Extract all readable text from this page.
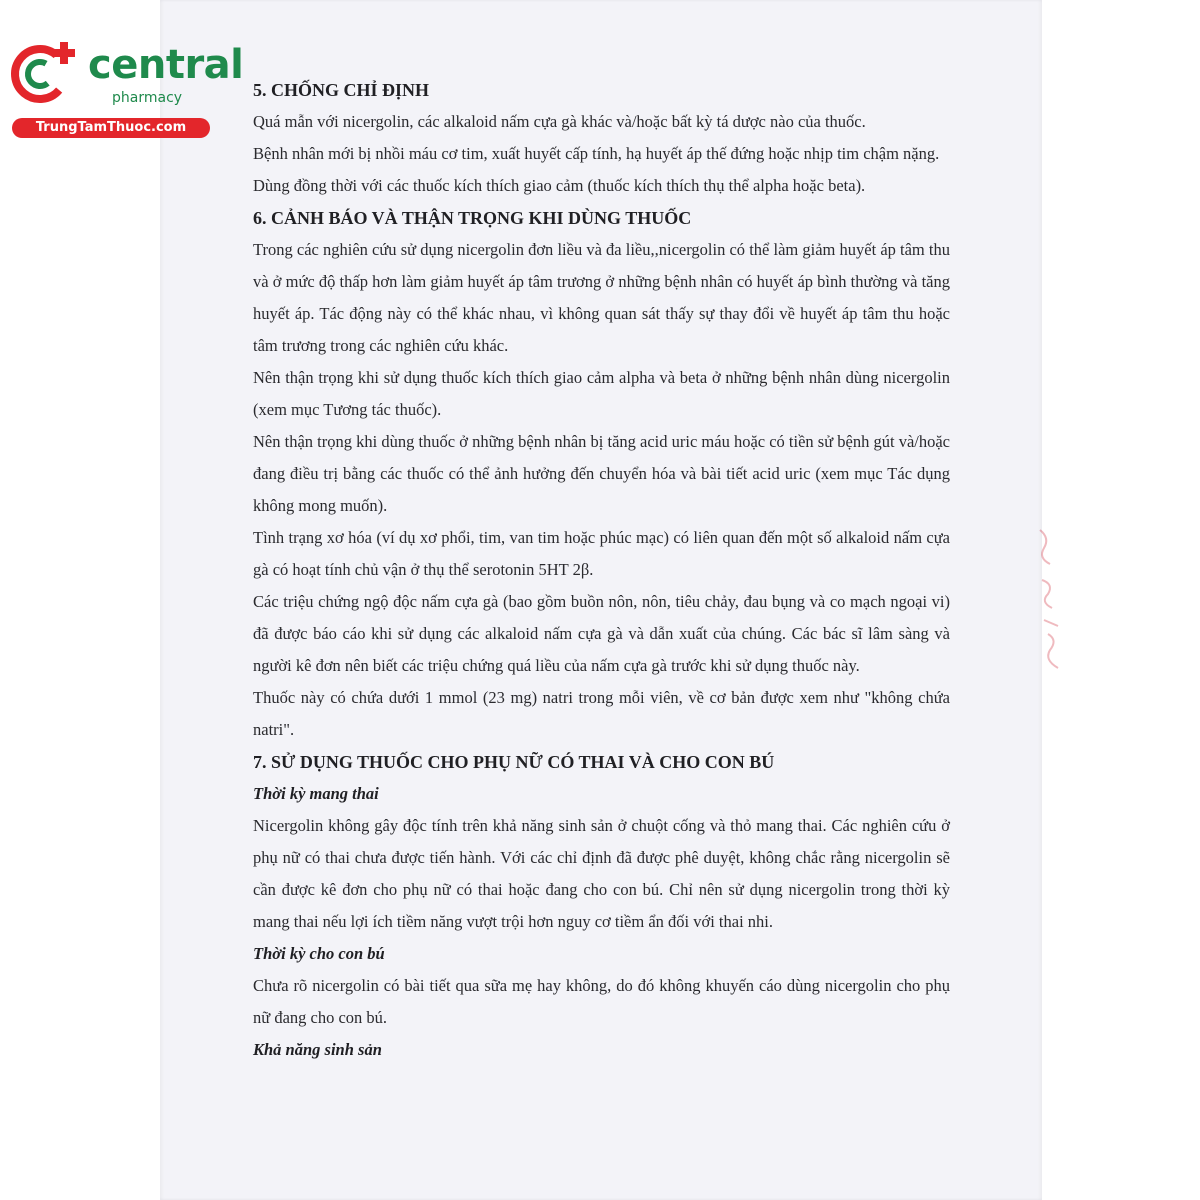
central
pharmacy
TrungTamThuoc.com
5. CHỐNG CHỈ ĐỊNH

Quá mẫn với nicergolin, các alkaloid nấm cựa gà khác và/hoặc bất kỳ tá dược nào của thuốc.

Bệnh nhân mới bị nhồi máu cơ tim, xuất huyết cấp tính, hạ huyết áp thế đứng hoặc nhịp tim chậm nặng.

Dùng đồng thời với các thuốc kích thích giao cảm (thuốc kích thích thụ thể alpha hoặc beta).

6. CẢNH BÁO VÀ THẬN TRỌNG KHI DÙNG THUỐC

Trong các nghiên cứu sử dụng nicergolin đơn liều và đa liều,,nicergolin có thể làm giảm huyết áp tâm thu và ở mức độ thấp hơn làm giảm huyết áp tâm trương ở những bệnh nhân có huyết áp bình thường và tăng huyết áp. Tác động này có thể khác nhau, vì không quan sát thấy sự thay đổi về huyết áp tâm thu hoặc tâm trương trong các nghiên cứu khác.

Nên thận trọng khi sử dụng thuốc kích thích giao cảm alpha và beta ở những bệnh nhân dùng nicergolin (xem mục Tương tác thuốc).

Nên thận trọng khi dùng thuốc ở những bệnh nhân bị tăng acid uric máu hoặc có tiền sử bệnh gút và/hoặc đang điều trị bằng các thuốc có thể ảnh hưởng đến chuyển hóa và bài tiết acid uric (xem mục Tác dụng không mong muốn).

Tình trạng xơ hóa (ví dụ xơ phổi, tim, van tim hoặc phúc mạc) có liên quan đến một số alkaloid nấm cựa gà có hoạt tính chủ vận ở thụ thể serotonin 5HT 2β.

Các triệu chứng ngộ độc nấm cựa gà (bao gồm buồn nôn, nôn, tiêu chảy, đau bụng và co mạch ngoại vi) đã được báo cáo khi sử dụng các alkaloid nấm cựa gà và dẫn xuất của chúng. Các bác sĩ lâm sàng và người kê đơn nên biết các triệu chứng quá liều của nấm cựa gà trước khi sử dụng thuốc này.

Thuốc này có chứa dưới 1 mmol (23 mg) natri trong mỗi viên, về cơ bản được xem như "không chứa natri".

7. SỬ DỤNG THUỐC CHO PHỤ NỮ CÓ THAI VÀ CHO CON BÚ
Thời kỳ mang thai

Nicergolin không gây độc tính trên khả năng sinh sản ở chuột cống và thỏ mang thai. Các nghiên cứu ở phụ nữ có thai chưa được tiến hành. Với các chỉ định đã được phê duyệt, không chắc rằng nicergolin sẽ cần được kê đơn cho phụ nữ có thai hoặc đang cho con bú. Chỉ nên sử dụng nicergolin trong thời kỳ mang thai nếu lợi ích tiềm năng vượt trội hơn nguy cơ tiềm ẩn đối với thai nhi.

Thời kỳ cho con bú

Chưa rõ nicergolin có bài tiết qua sữa mẹ hay không, do đó không khuyến cáo dùng nicergolin cho phụ nữ đang cho con bú.

Khả năng sinh sản
